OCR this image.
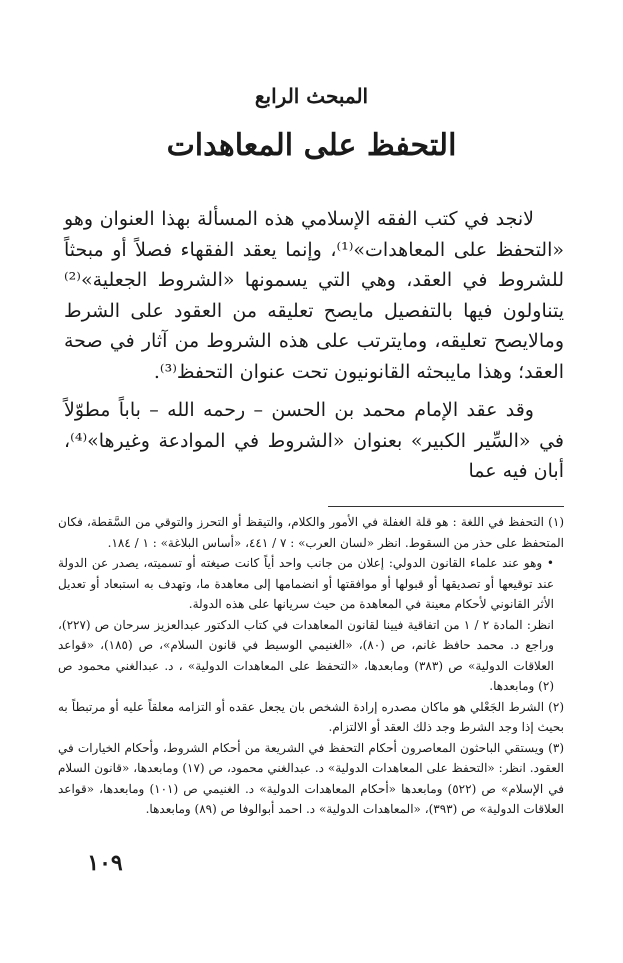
المبحث الرابع
التحفظ على المعاهدات

لانجد في كتب الفقه الإسلامي هذه المسألة بهذا العنوان وهو «التحفظ على المعاهدات»⁽¹⁾، وإنما يعقد الفقهاء فصلاً أو مبحثاً للشروط في العقد، وهي التي يسمونها «الشروط الجعلية»⁽²⁾ يتناولون فيها بالتفصيل مايصح تعليقه من العقود على الشرط ومالايصح تعليقه، ومايترتب على هذه الشروط من آثار في صحة العقد؛ وهذا مايبحثه القانونيون تحت عنوان التحفظ⁽³⁾.

وقد عقد الإمام محمد بن الحسن – رحمه الله – باباً مطوّلاً في «السِّير الكبير» بعنوان «الشروط في الموادعة وغيرها»⁽⁴⁾، أبان فيه عما

(١) التحفظ في اللغة : هو قلة الغفلة في الأمور والكلام، والتيقظ أو التحرز والتوقي من السَّقطة، فكان المتحفظ على حذر من السقوط. انظر «لسان العرب» : ٧ / ٤٤١، «أساس البلاغة» : ١ / ١٨٤.

• وهو عند علماء القانون الدولي: إعلان من جانب واحد أياً كانت صيغته أو تسميته، يصدر عن الدولة عند توقيعها أو تصديقها أو قبولها أو موافقتها أو انضمامها إلى معاهدة ما، وتهدف به استبعاد أو تعديل الأثر القانوني لأحكام معينة في المعاهدة من حيث سريانها على هذه الدولة.

انظر: المادة ٢ / ١ من اتفاقية فيينا لقانون المعاهدات في كتاب الدكتور عبدالعزيز سرحان ص (٢٢٧)، وراجع د. محمد حافظ غانم، ص (٨٠)، «الغنيمي الوسيط في قانون السلام»، ص (١٨٥)، «قواعد العلاقات الدولية» ص (٣٨٣) ومابعدها، «التحفظ على المعاهدات الدولية» ، د. عبدالغني محمود ص (٢) ومابعدها.

(٢) الشرط الجَعْلي هو ماكان مصدره إرادة الشخص بان يجعل عقده أو التزامه معلقاً عليه أو مرتبطاً به بحيث إذا وجد الشرط وجد ذلك العقد أو الالتزام.

(٣) ويستقي الباحثون المعاصرون أحكام التحفظ في الشريعة من أحكام الشروط، وأحكام الخيارات في العقود. انظر: «التحفظ على المعاهدات الدولية» د. عبدالغني محمود، ص (١٧) ومابعدها، «قانون السلام في الإسلام» ص (٥٢٢) ومابعدها «أحكام المعاهدات الدولية» د. الغنيمي ص (١٠١) ومابعدها، «قواعد العلاقات الدولية» ص (٣٩٣)، «المعاهدات الدولية» د. احمد أبوالوفا ص (٨٩) ومابعدها.

١٠٩
